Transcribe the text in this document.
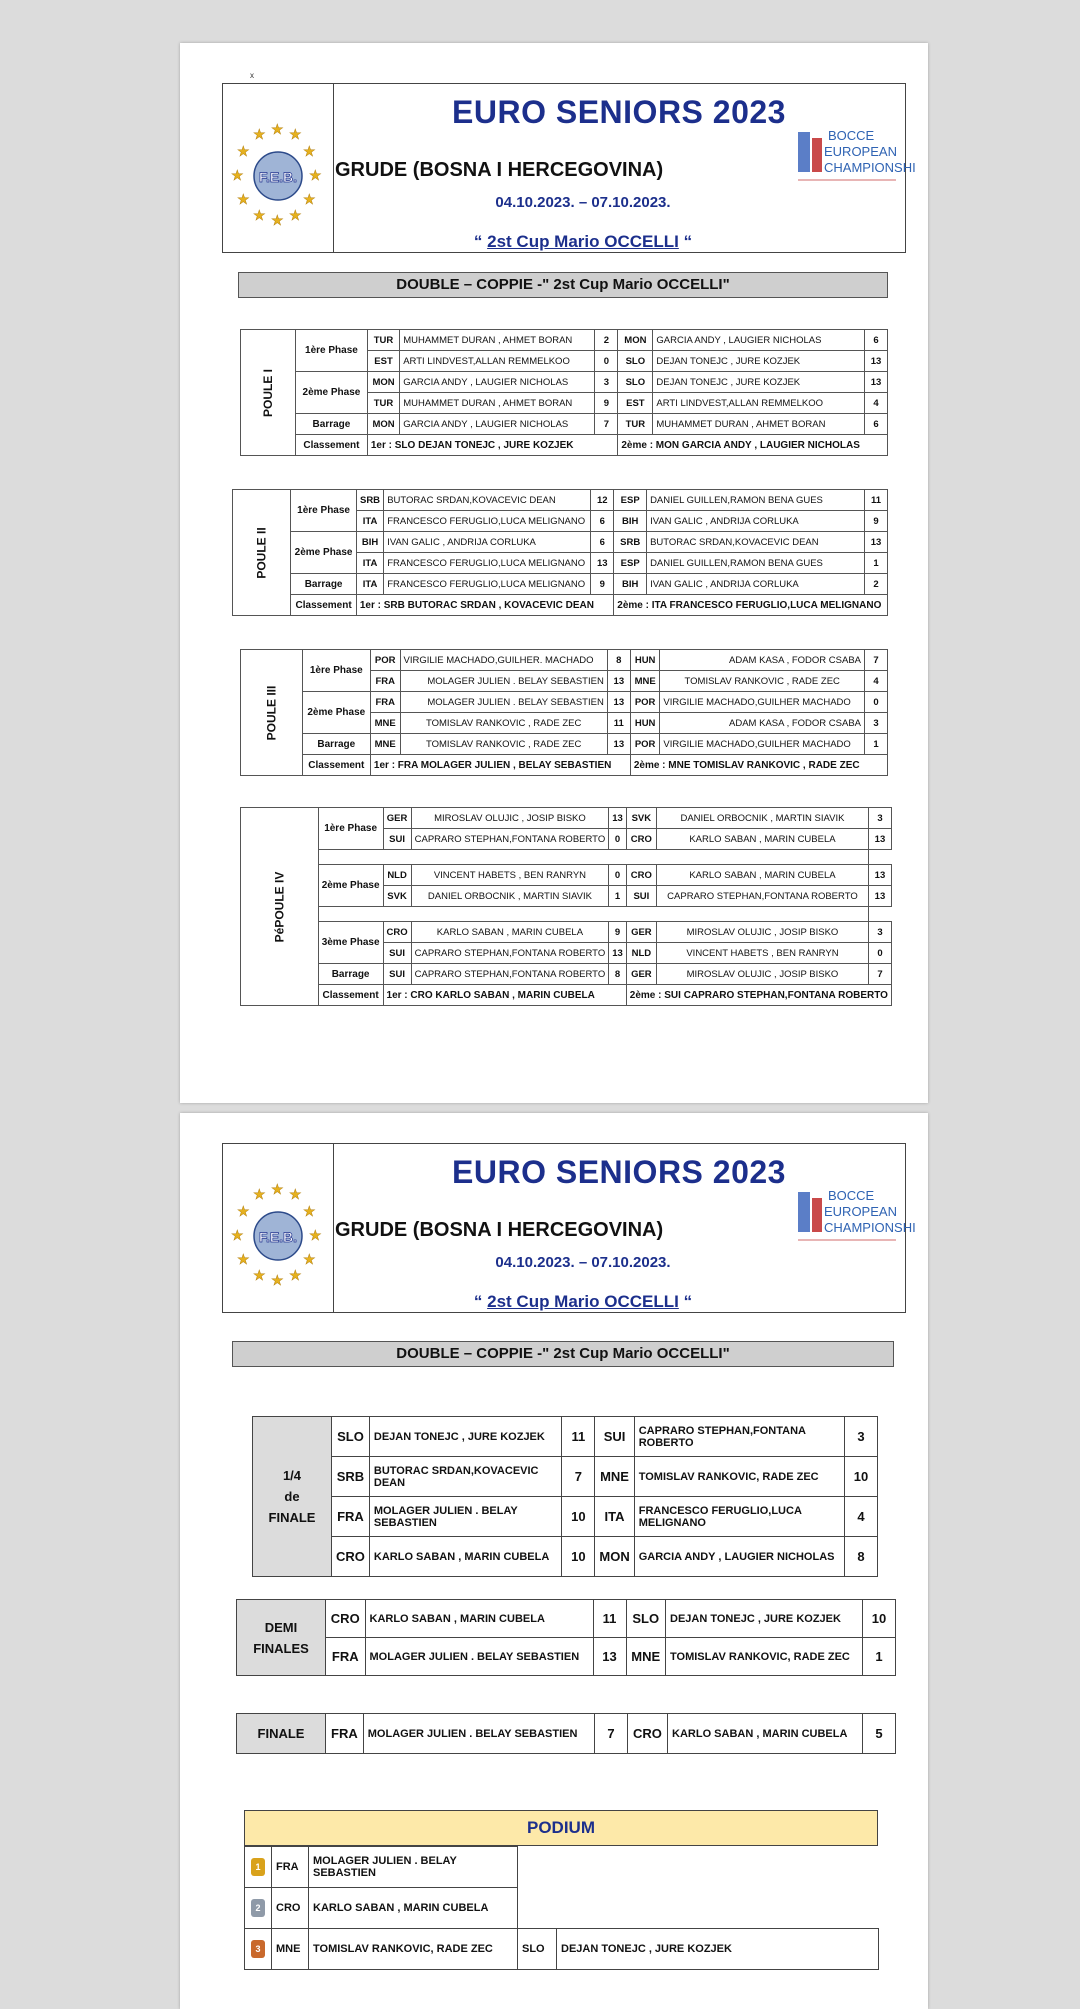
x
★ ★ ★
★	★
★	★
★	★
★ ★ ★
F.E.B.
EURO SENIORS 2023
GRUDE (BOSNA I HERCEGOVINA)
04.10.2023. – 07.10.2023.
“ 2st Cup Mario OCCELLI “
BOCCE
EUROPEAN
CHAMPIONSHI
DOUBLE – COPPIE -" 2st Cup Mario OCCELLI"
POULE I	1ère Phase	TUR	MUHAMMET DURAN , AHMET BORAN	2	MON	GARCIA ANDY , LAUGIER NICHOLAS	6
		EST	ARTI LINDVEST,ALLAN REMMELKOO	0	SLO	DEJAN TONEJC , JURE KOZJEK	13
	2ème Phase	MON	GARCIA ANDY , LAUGIER NICHOLAS	3	SLO	DEJAN TONEJC , JURE KOZJEK	13
		TUR	MUHAMMET DURAN , AHMET BORAN	9	EST	ARTI LINDVEST,ALLAN REMMELKOO	4
	Barrage	MON	GARCIA ANDY , LAUGIER NICHOLAS	7	TUR	MUHAMMET DURAN , AHMET BORAN	6
	Classement	1er : SLO DEJAN TONEJC , JURE KOZJEK			2ème : MON GARCIA ANDY , LAUGIER NICHOLAS		
POULE II	1ère Phase	SRB	BUTORAC SRDAN,KOVACEVIC DEAN	12	ESP	DANIEL GUILLEN,RAMON BENA GUES	11
		ITA	FRANCESCO FERUGLIO,LUCA MELIGNANO	6	BIH	IVAN GALIC , ANDRIJA CORLUKA	9
	2ème Phase	BIH	IVAN GALIC , ANDRIJA CORLUKA	6	SRB	BUTORAC SRDAN,KOVACEVIC DEAN	13
		ITA	FRANCESCO FERUGLIO,LUCA MELIGNANO	13	ESP	DANIEL GUILLEN,RAMON BENA GUES	1
	Barrage	ITA	FRANCESCO FERUGLIO,LUCA MELIGNANO	9	BIH	IVAN GALIC , ANDRIJA CORLUKA	2
	Classement	1er : SRB BUTORAC SRDAN , KOVACEVIC DEAN			2ème : ITA FRANCESCO FERUGLIO,LUCA MELIGNANO		
POULE III	1ère Phase	POR	VIRGILIE MACHADO,GUILHER. MACHADO	8	HUN	ADAM KASA , FODOR CSABA	7
		FRA	MOLAGER JULIEN . BELAY SEBASTIEN	13	MNE	TOMISLAV RANKOVIC , RADE ZEC	4
	2ème Phase	FRA	MOLAGER JULIEN . BELAY SEBASTIEN	13	POR	VIRGILIE MACHADO,GUILHER MACHADO	0
		MNE	TOMISLAV RANKOVIC , RADE ZEC	11	HUN	ADAM KASA , FODOR CSABA	3
	Barrage	MNE	TOMISLAV RANKOVIC , RADE ZEC	13	POR	VIRGILIE MACHADO,GUILHER MACHADO	1
	Classement	1er : FRA MOLAGER JULIEN , BELAY SEBASTIEN			2ème : MNE TOMISLAV RANKOVIC , RADE ZEC		
PéPOULE IV	1ère Phase	GER	MIROSLAV OLUJIC , JOSIP BISKO	13	SVK	DANIEL ORBOCNIK , MARTIN SIAVIK	3
		SUI	CAPRARO STEPHAN,FONTANA ROBERTO	0	CRO	KARLO SABAN , MARIN CUBELA	13

	2ème Phase	NLD	VINCENT HABETS , BEN RANRYN	0	CRO	KARLO SABAN , MARIN CUBELA	13
		SVK	DANIEL ORBOCNIK , MARTIN SIAVIK	1	SUI	CAPRARO STEPHAN,FONTANA ROBERTO	13

	3ème Phase	CRO	KARLO SABAN , MARIN CUBELA	9	GER	MIROSLAV OLUJIC , JOSIP BISKO	3
		SUI	CAPRARO STEPHAN,FONTANA ROBERTO	13	NLD	VINCENT HABETS , BEN RANRYN	0
	Barrage	SUI	CAPRARO STEPHAN,FONTANA ROBERTO	8	GER	MIROSLAV OLUJIC , JOSIP BISKO	7
	Classement	1er : CRO KARLO SABAN , MARIN CUBELA			2ème : SUI CAPRARO STEPHAN,FONTANA ROBERTO		
★ ★ ★
★	★
★	★
★	★
★ ★ ★
F.E.B.
EURO SENIORS 2023
GRUDE (BOSNA I HERCEGOVINA)
04.10.2023. – 07.10.2023.
“ 2st Cup Mario OCCELLI “
BOCCE
EUROPEAN
CHAMPIONSHI
DOUBLE – COPPIE -" 2st Cup Mario OCCELLI"
1/4
de
FINALE	SLO	DEJAN TONEJC , JURE KOZJEK	11	SUI	CAPRARO STEPHAN,FONTANA ROBERTO	3
	SRB	BUTORAC SRDAN,KOVACEVIC DEAN	7	MNE	TOMISLAV RANKOVIC, RADE ZEC	10
	FRA	MOLAGER JULIEN . BELAY SEBASTIEN	10	ITA	FRANCESCO FERUGLIO,LUCA MELIGNANO	4
	CRO	KARLO SABAN , MARIN CUBELA	10	MON	GARCIA ANDY , LAUGIER NICHOLAS	8
DEMI
FINALES	CRO	KARLO SABAN , MARIN CUBELA	11	SLO	DEJAN TONEJC , JURE KOZJEK	10
	FRA	MOLAGER JULIEN . BELAY SEBASTIEN	13	MNE	TOMISLAV RANKOVIC, RADE ZEC	1
FINALE	FRA	MOLAGER JULIEN . BELAY SEBASTIEN	7	CRO	KARLO SABAN , MARIN CUBELA	5
PODIUM
1	FRA	MOLAGER JULIEN . BELAY SEBASTIEN		
2	CRO	KARLO SABAN , MARIN CUBELA		
3	MNE	TOMISLAV RANKOVIC, RADE ZEC	SLO	DEJAN TONEJC , JURE KOZJEK
